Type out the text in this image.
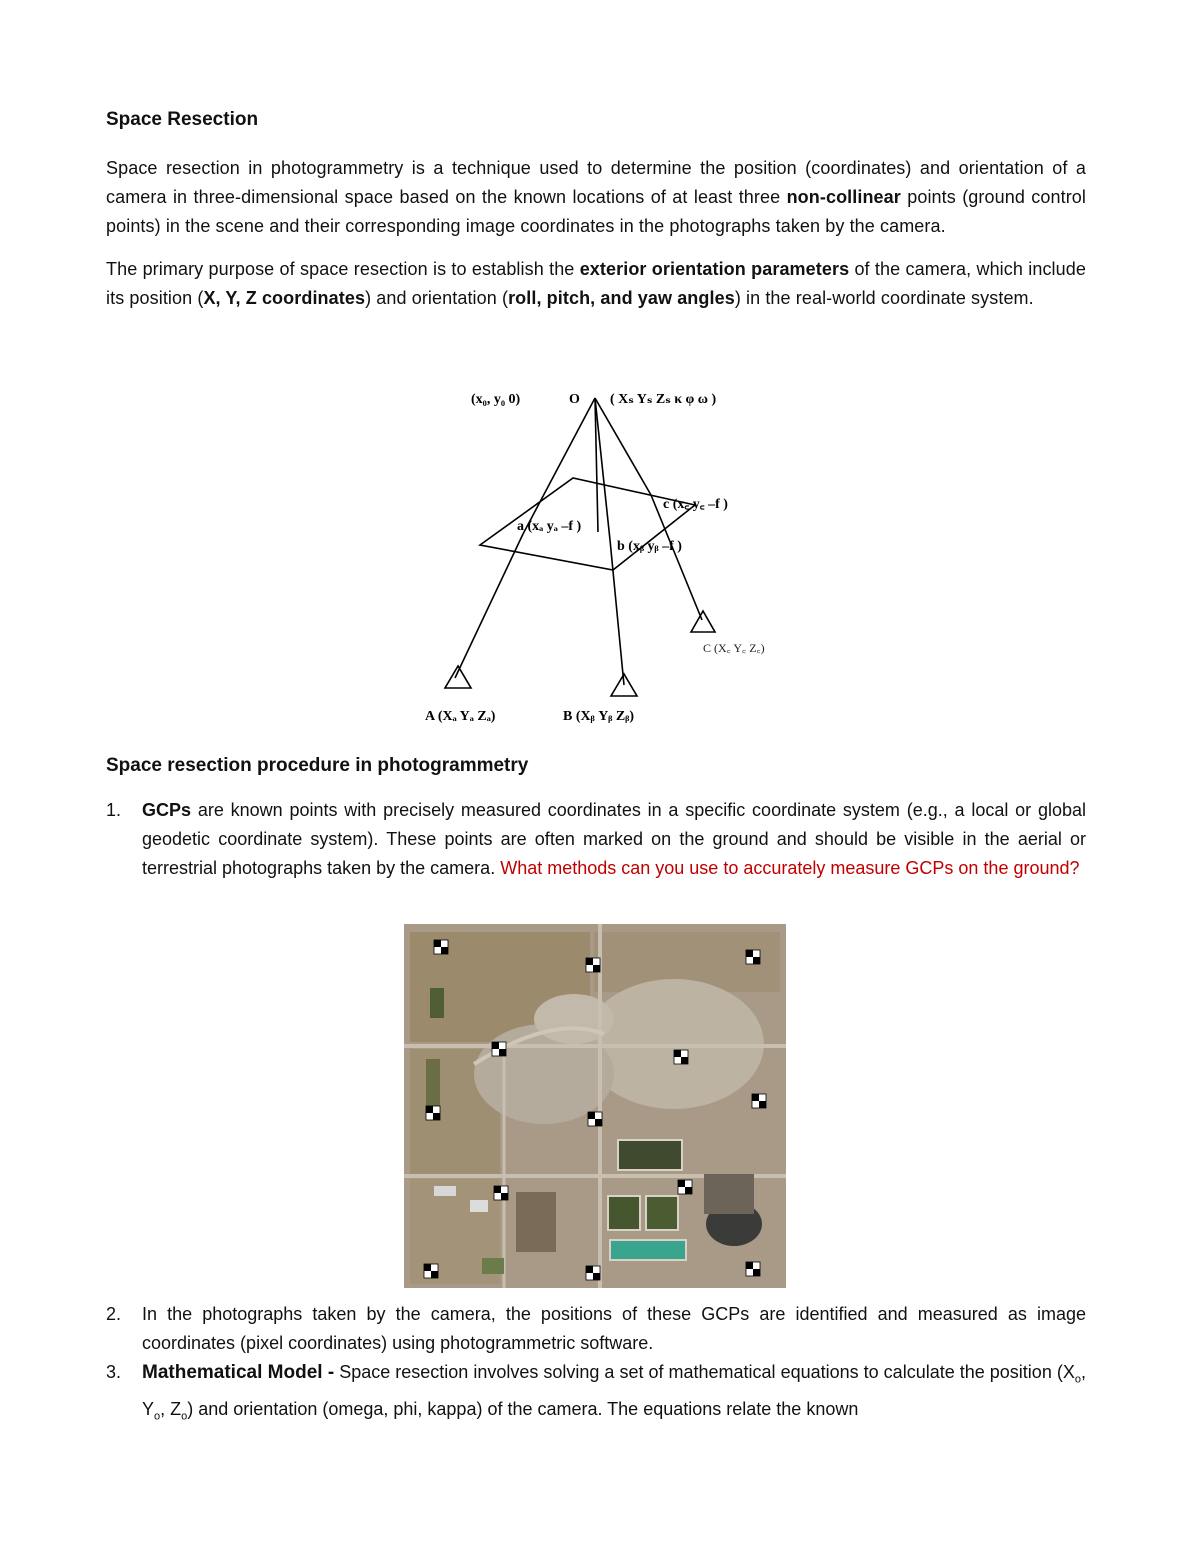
Space Resection

Space resection in photogrammetry is a technique used to determine the position (coordinates) and orientation of a camera in three-dimensional space based on the known locations of at least three non-collinear points (ground control points) in the scene and their corresponding image coordinates in the photographs taken by the camera.

The primary purpose of space resection is to establish the exterior orientation parameters of the camera, which include its position (X, Y, Z coordinates) and orientation (roll, pitch, and yaw angles) in the real-world coordinate system.

(x₀, y₀ 0)	O ( Xₛ Yₛ Zₛ κ φ ω )
a (xₐ yₐ –f )
b (xᵦ yᵦ –f )
c (x꜀ y꜀ –f )
A (Xₐ Yₐ Zₐ)	B (Xᵦ Yᵦ Zᵦ)
C (X꜀ Y꜀ Z꜀)
Space resection procedure in photogrammetry
1. GCPs are known points with precisely measured coordinates in a specific coordinate system (e.g., a local or global geodetic coordinate system). These points are often marked on the ground and should be visible in the aerial or terrestrial photographs taken by the camera. What methods can you use to accurately measure GCPs on the ground?
2. In the photographs taken by the camera, the positions of these GCPs are identified and measured as image coordinates (pixel coordinates) using photogrammetric software.
3. Mathematical Model - Space resection involves solving a set of mathematical equations to calculate the position ($X_o$, $Y_o$, $Z_o$) and orientation (omega, phi, kappa) of the camera. The equations relate the known
